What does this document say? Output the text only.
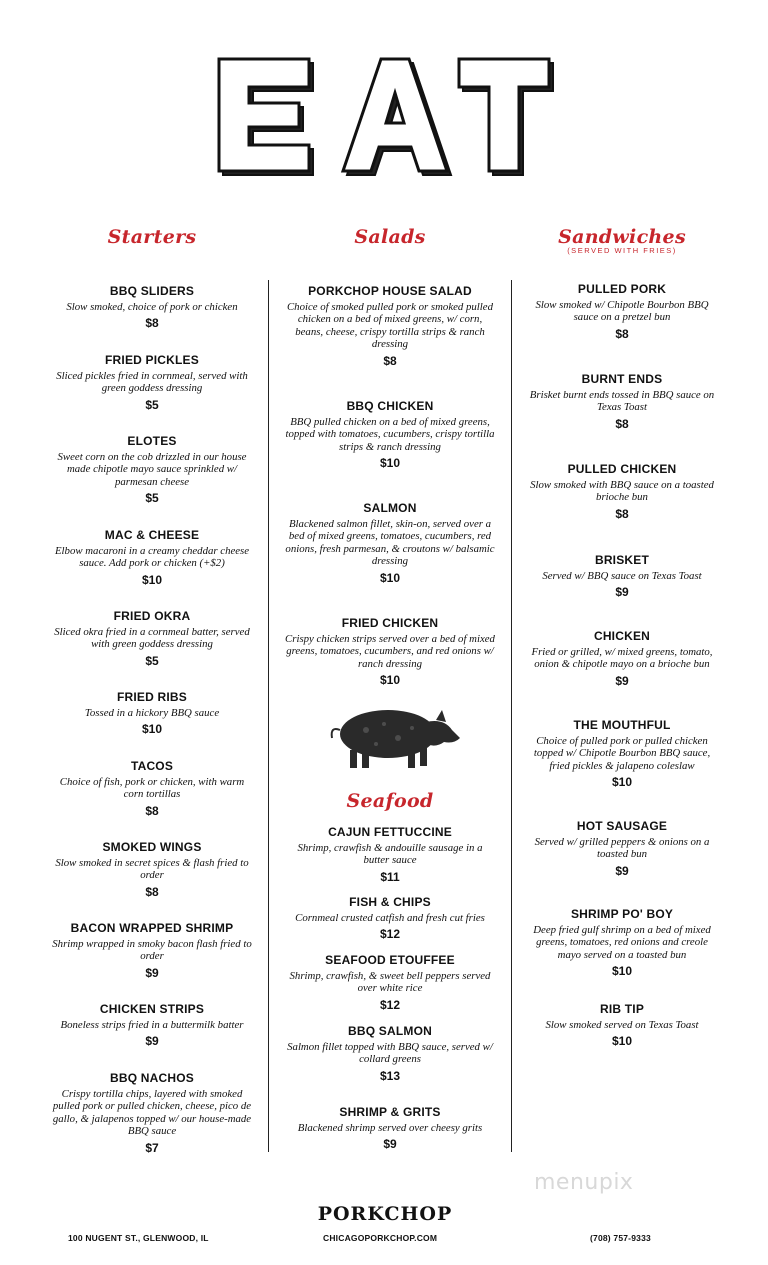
Starters
BBQ SLIDERS
Slow smoked, choice of pork or chicken
$8
FRIED PICKLES
Sliced pickles fried in cornmeal, served with green goddess dressing
$5
ELOTES
Sweet corn on the cob drizzled in our house made chipotle mayo sauce sprinkled w/ parmesan cheese
$5
MAC & CHEESE
Elbow macaroni in a creamy cheddar cheese sauce. Add pork or chicken (+$2)
$10
FRIED OKRA
Sliced okra fried in a cornmeal batter, served with green goddess dressing
$5
FRIED RIBS
Tossed in a hickory BBQ sauce
$10
TACOS
Choice of fish, pork or chicken, with warm corn tortillas
$8
SMOKED WINGS
Slow smoked in secret spices & flash fried to order
$8
BACON WRAPPED SHRIMP
Shrimp wrapped in smoky bacon flash fried to order
$9
CHICKEN STRIPS
Boneless strips fried in a buttermilk batter
$9
BBQ NACHOS
Crispy tortilla chips, layered with smoked pulled pork or pulled chicken, cheese, pico de gallo, & jalapenos topped w/ our house-made BBQ sauce
$7
Salads
PORKCHOP HOUSE SALAD
Choice of smoked pulled pork or smoked pulled chicken on a bed of mixed greens, w/ corn, beans, cheese, crispy tortilla strips & ranch dressing
$8
BBQ CHICKEN
BBQ pulled chicken on a bed of mixed greens, topped with tomatoes, cucumbers, crispy tortilla strips & ranch dressing
$10
SALMON
Blackened salmon fillet, skin-on, served over a bed of mixed greens, tomatoes, cucumbers, red onions, fresh parmesan, & croutons w/ balsamic dressing
$10
FRIED CHICKEN
Crispy chicken strips served over a bed of mixed greens, tomatoes, cucumbers, and red onions w/ ranch dressing
$10
Seafood
CAJUN FETTUCCINE
Shrimp, crawfish & andouille sausage in a butter sauce
$11
FISH & CHIPS
Cornmeal crusted catfish and fresh cut fries
$12
SEAFOOD ETOUFFEE
Shrimp, crawfish, & sweet bell peppers served over white rice
$12
BBQ SALMON
Salmon fillet topped with BBQ sauce, served w/ collard greens
$13
SHRIMP & GRITS
Blackened shrimp served over cheesy grits
$9
Sandwiches
(SERVED WITH FRIES)
PULLED PORK
Slow smoked w/ Chipotle Bourbon BBQ sauce on a pretzel bun
$8
BURNT ENDS
Brisket burnt ends tossed in BBQ sauce on Texas Toast
$8
PULLED CHICKEN
Slow smoked with BBQ sauce on a toasted brioche bun
$8
BRISKET
Served w/ BBQ sauce on Texas Toast
$9
CHICKEN
Fried or grilled, w/ mixed greens, tomato, onion & chipotle mayo on a brioche bun
$9
THE MOUTHFUL
Choice of pulled pork or pulled chicken topped w/ Chipotle Bourbon BBQ sauce, fried pickles & jalapeno coleslaw
$10
HOT SAUSAGE
Served w/ grilled peppers & onions on a toasted bun
$9
SHRIMP PO' BOY
Deep fried gulf shrimp on a bed of mixed greens, tomatoes, red onions and creole mayo served on a toasted bun
$10
RIB TIP
Slow smoked served on Texas Toast
$10
menupix
PORKCHOP
100 NUGENT ST., GLENWOOD, IL	CHICAGOPORKCHOP.COM	(708) 757-9333
